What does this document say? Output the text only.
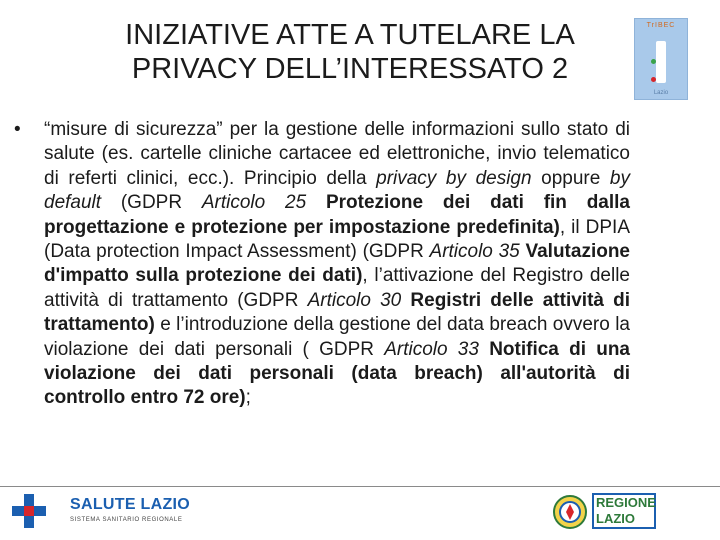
INIZIATIVE ATTE A TUTELARE LA
PRIVACY DELL’INTERESSATO 2
TrIBEC
Lazio
• “misure di sicurezza” per la gestione delle informazioni sullo stato di salute (es. cartelle cliniche cartacee ed elettroniche, invio telematico di referti clinici, ecc.). Principio della privacy by design oppure by default (GDPR Articolo 25 Protezione dei dati fin dalla progettazione e protezione per impostazione predefinita), il DPIA (Data protection Impact Assessment) (GDPR Articolo 35 Valutazione d'impatto sulla protezione dei dati), l’attivazione del Registro delle attività di trattamento (GDPR Articolo 30 Registri delle attività di trattamento) e l’introduzione della gestione del data breach ovvero la violazione dei dati personali ( GDPR Articolo 33 Notifica di una violazione dei dati personali (data breach) all'autorità di controllo entro 72 ore);
SALUTE LAZIO
SISTEMA SANITARIO REGIONALE
REGIONE
LAZIO
